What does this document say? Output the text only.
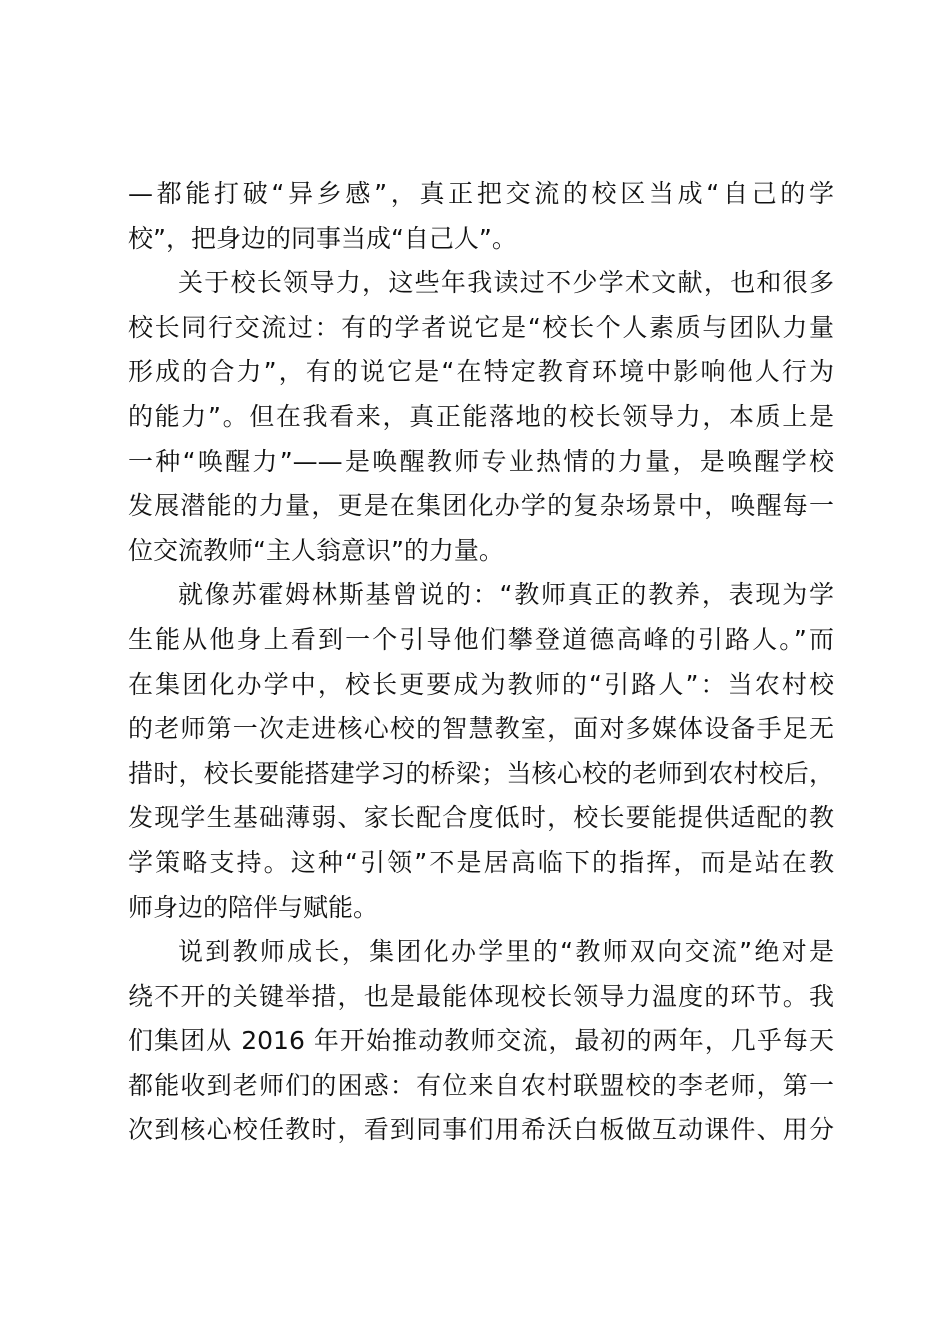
—都能打破“异乡感”，真正把交流的校区当成“自己的学
校”，把身边的同事当成“自己人”。
关于校长领导力，这些年我读过不少学术文献，也和很多
校长同行交流过：有的学者说它是“校长个人素质与团队力量
形成的合力”，有的说它是“在特定教育环境中影响他人行为
的能力”。但在我看来，真正能落地的校长领导力，本质上是
一种“唤醒力”——是唤醒教师专业热情的力量，是唤醒学校
发展潜能的力量，更是在集团化办学的复杂场景中，唤醒每一
位交流教师“主人翁意识”的力量。
就像苏霍姆林斯基曾说的：“教师真正的教养，表现为学
生能从他身上看到一个引导他们攀登道德高峰的引路人。”而
在集团化办学中，校长更要成为教师的“引路人”：当农村校
的老师第一次走进核心校的智慧教室，面对多媒体设备手足无
措时，校长要能搭建学习的桥梁；当核心校的老师到农村校后，
发现学生基础薄弱、家长配合度低时，校长要能提供适配的教
学策略支持。这种“引领”不是居高临下的指挥，而是站在教
师身边的陪伴与赋能。
说到教师成长，集团化办学里的“教师双向交流”绝对是
绕不开的关键举措，也是最能体现校长领导力温度的环节。我
们集团从 2016 年开始推动教师交流，最初的两年，几乎每天
都能收到老师们的困惑：有位来自农村联盟校的李老师，第一
次到核心校任教时，看到同事们用希沃白板做互动课件、用分
